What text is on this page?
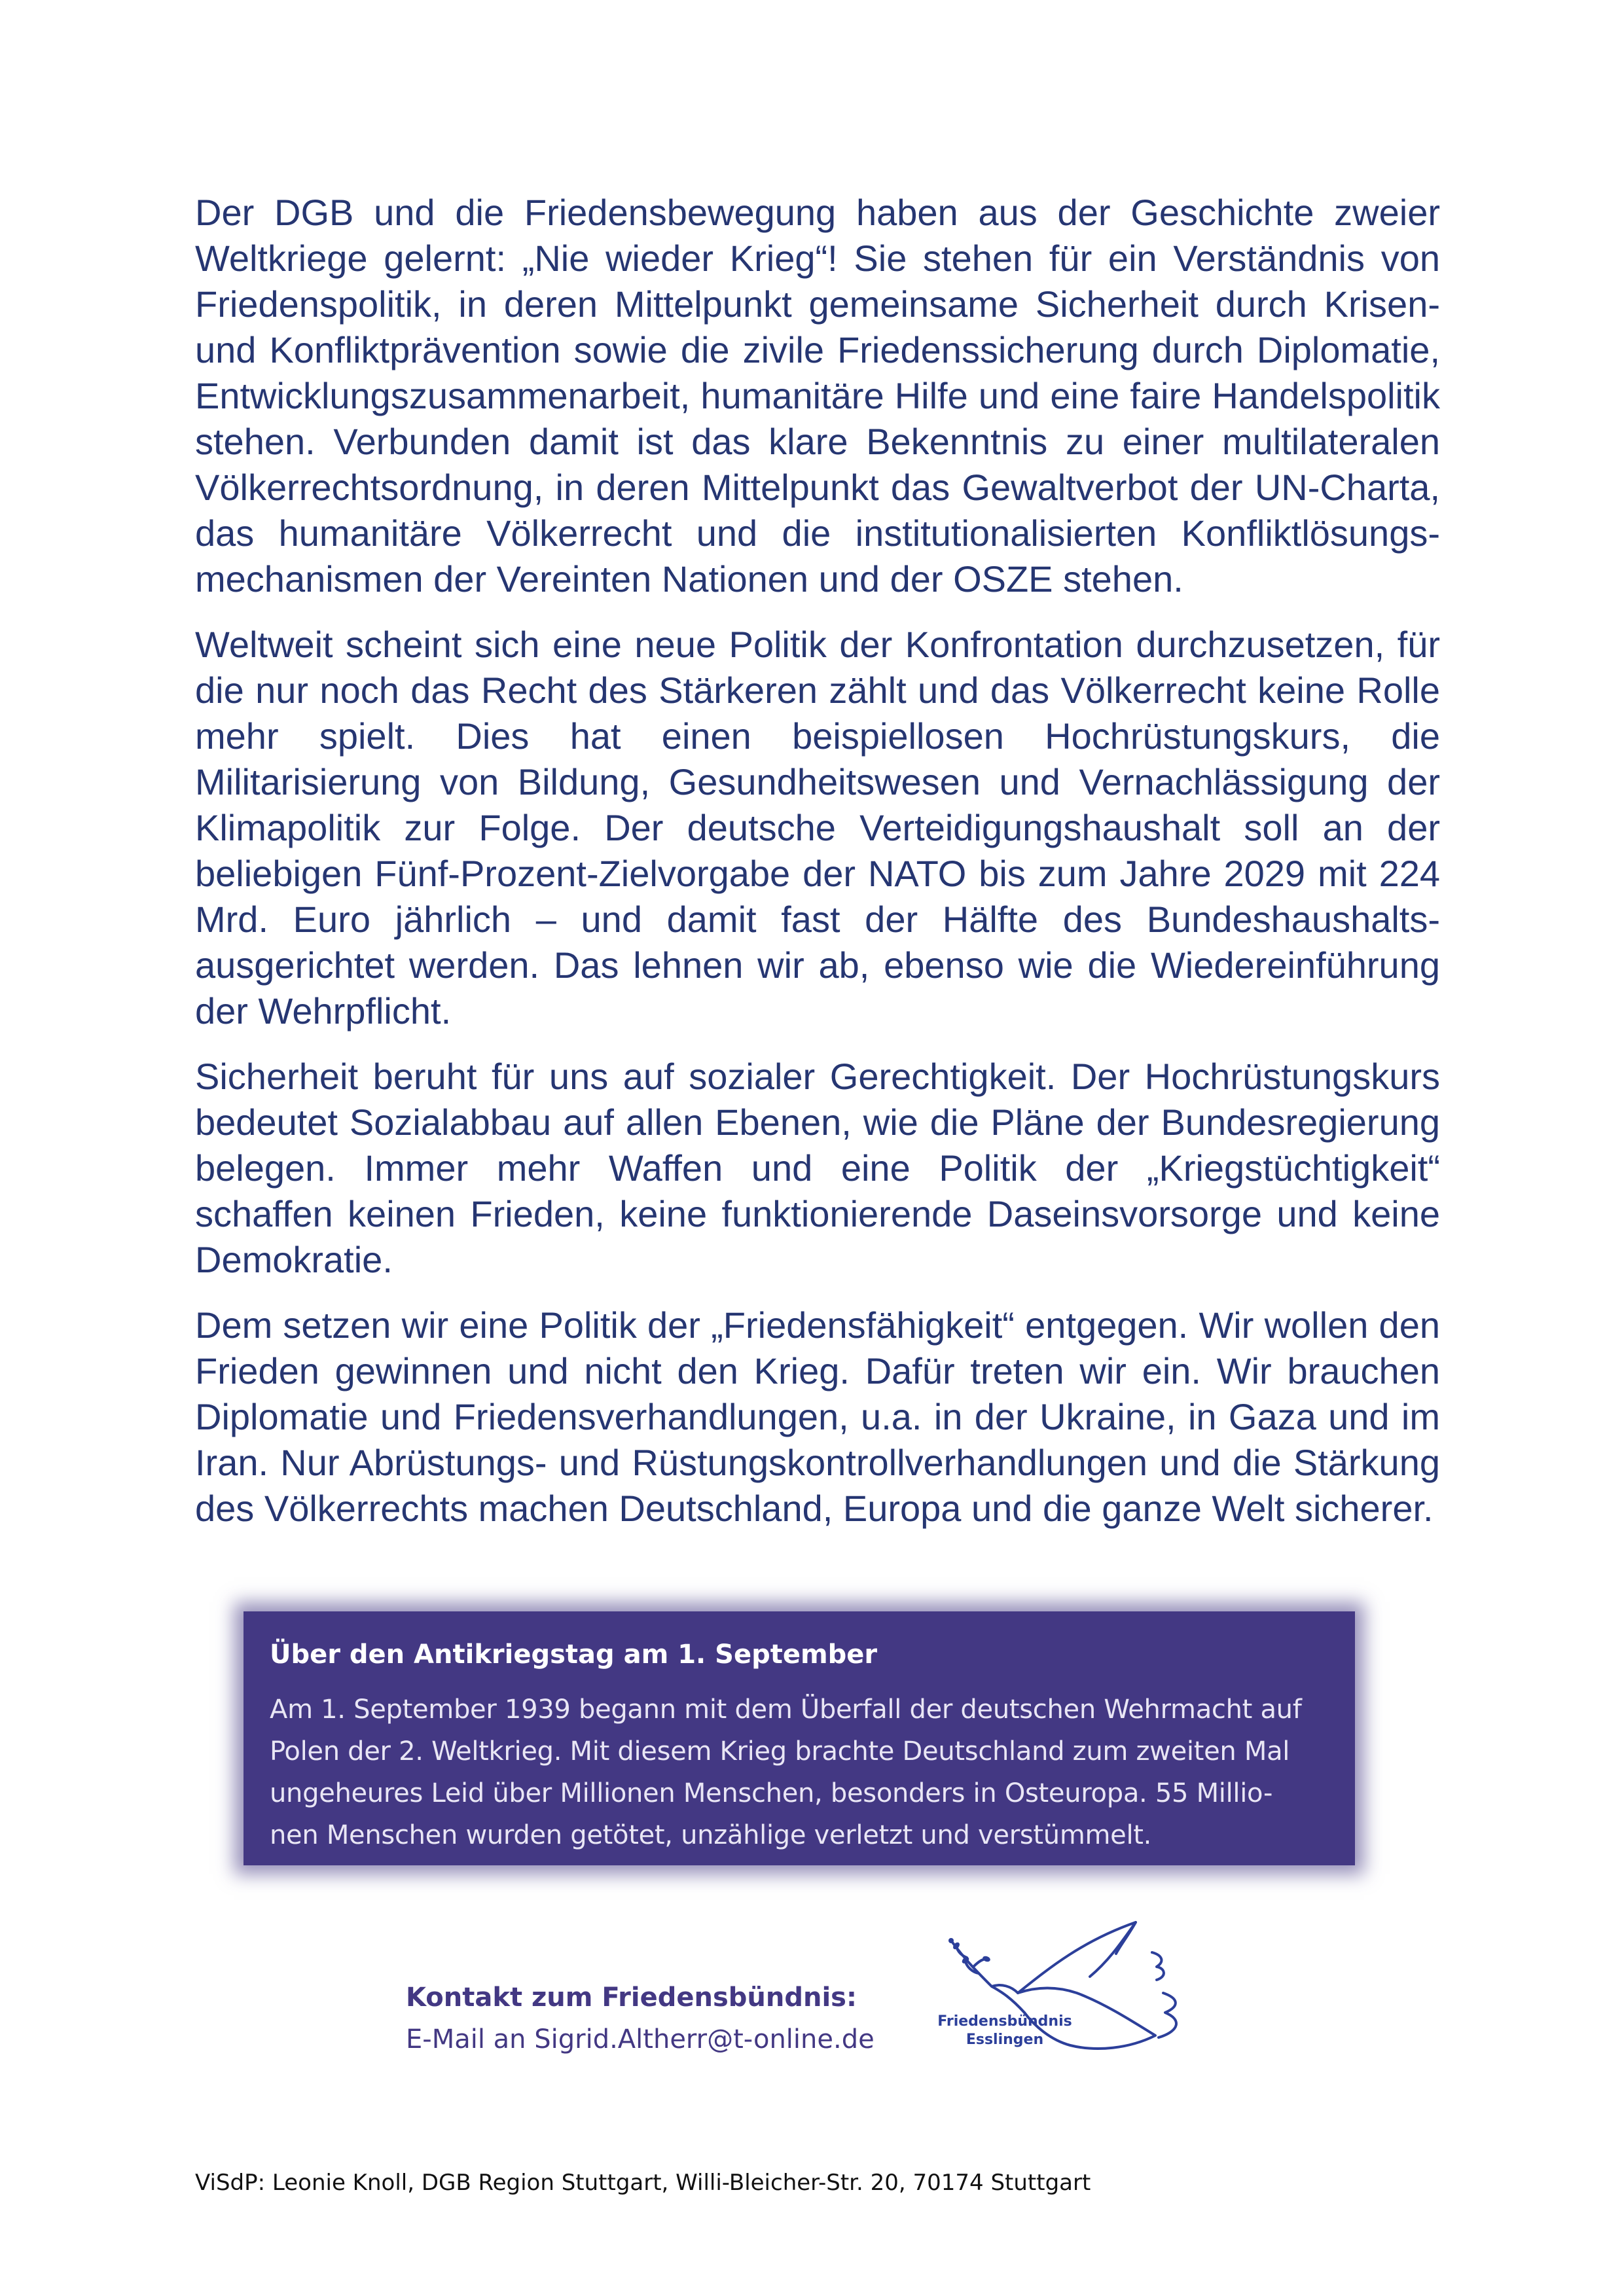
Der DGB und die Friedensbewegung haben aus der Geschichte zweier Weltkriege gelernt: „Nie wieder Krieg“! Sie stehen für ein Verständnis von Friedenspolitik, in deren Mittelpunkt gemeinsame Sicherheit durch Krisen- und Konfliktprävention sowie die zivile Friedenssicherung durch Diplomatie, Entwicklungszusammenarbeit, humanitäre Hilfe und eine faire Handelspolitik stehen. Verbunden damit ist das klare Bekenntnis zu einer multilateralen Völkerrechtsordnung, in deren Mittelpunkt das Gewaltverbot der UN-Charta, das humanitäre Völkerrecht und die institutionalisierten Konfliktlösungsmechanismen der Vereinten Nationen und der OSZE stehen.

Weltweit scheint sich eine neue Politik der Konfrontation durchzusetzen, für die nur noch das Recht des Stärkeren zählt und das Völkerrecht keine Rolle mehr spielt. Dies hat einen beispiellosen Hochrüstungskurs, die Militarisierung von Bildung, Gesundheitswesen und Vernachlässigung der Klimapolitik zur Folge. Der deutsche Verteidigungshaushalt soll an der beliebigen Fünf-Prozent-Zielvorgabe der NATO bis zum Jahre 2029 mit 224 Mrd. Euro jährlich – und damit fast der Hälfte des Bundeshaushalts- ausgerichtet werden. Das lehnen wir ab, ebenso wie die Wiedereinführung der Wehrpflicht.

Sicherheit beruht für uns auf sozialer Gerechtigkeit. Der Hochrüstungskurs bedeutet Sozialabbau auf allen Ebenen, wie die Pläne der Bundesregierung belegen. Immer mehr Waffen und eine Politik der „Kriegstüchtigkeit“ schaffen keinen Frieden, keine funktionierende Daseinsvorsorge und keine Demokratie.

Dem setzen wir eine Politik der „Friedensfähigkeit“ entgegen. Wir wollen den Frieden gewinnen und nicht den Krieg. Dafür treten wir ein. Wir brauchen Diplomatie und Friedensverhandlungen, u.a. in der Ukraine, in Gaza und im Iran. Nur Abrüstungs- und Rüstungskontrollverhandlungen und die Stärkung des Völkerrechts machen Deutschland, Europa und die ganze Welt sicherer.

Über den Antikriegstag am 1. September
Am 1. September 1939 begann mit dem Überfall der deutschen Wehrmacht auf
Polen der 2. Weltkrieg. Mit diesem Krieg brachte Deutschland zum zweiten Mal
ungeheures Leid über Millionen Menschen, besonders in Osteuropa. 55 Millio-
nen Menschen wurden getötet, unzählige verletzt und verstümmelt.
Kontakt zum Friedensbündnis:
E-Mail an Sigrid.Altherr@t-online.de
Friedensbündnis
Esslingen
ViSdP: Leonie Knoll, DGB Region Stuttgart, Willi-Bleicher-Str. 20, 70174 Stuttgart
